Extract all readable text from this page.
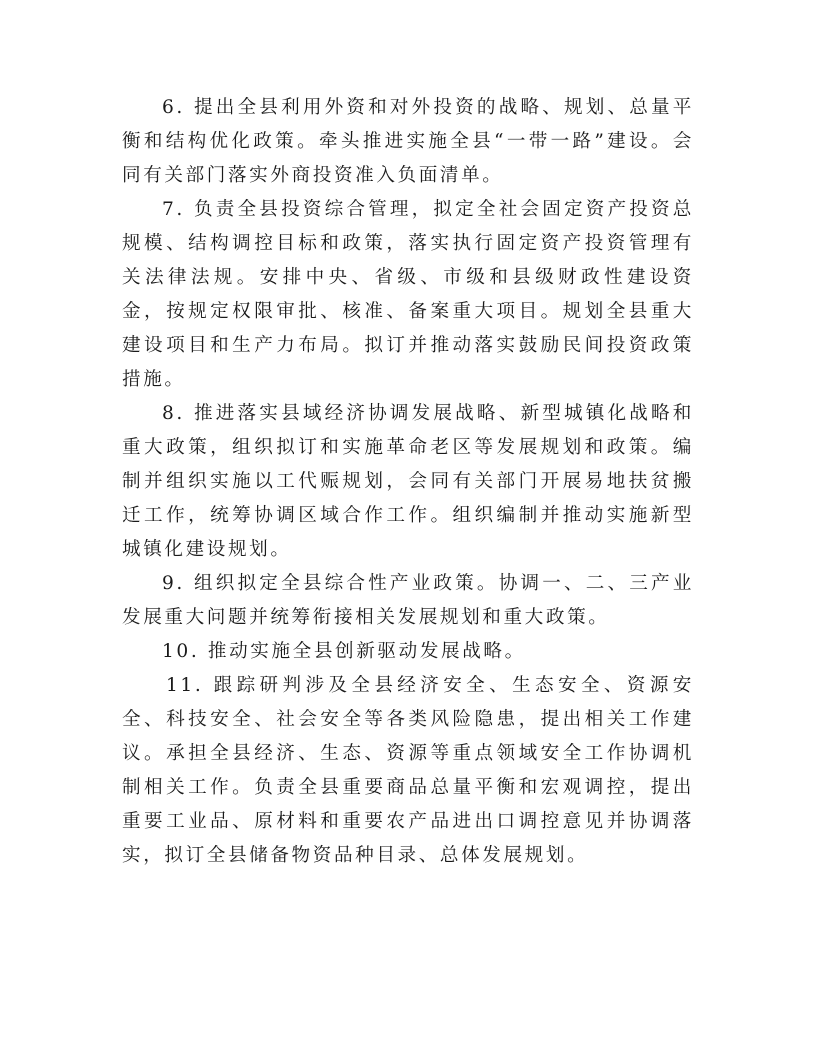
6. 提出全县利用外资和对外投资的战略、规划、总量平衡和结构优化政策。牵头推进实施全县“一带一路”建设。会同有关部门落实外商投资准入负面清单。

7. 负责全县投资综合管理，拟定全社会固定资产投资总规模、结构调控目标和政策，落实执行固定资产投资管理有关法律法规。安排中央、省级、市级和县级财政性建设资金，按规定权限审批、核准、备案重大项目。规划全县重大建设项目和生产力布局。拟订并推动落实鼓励民间投资政策措施。

8. 推进落实县域经济协调发展战略、新型城镇化战略和重大政策，组织拟订和实施革命老区等发展规划和政策。编制并组织实施以工代赈规划，会同有关部门开展易地扶贫搬迁工作，统筹协调区域合作工作。组织编制并推动实施新型城镇化建设规划。

9. 组织拟定全县综合性产业政策。协调一、二、三产业发展重大问题并统筹衔接相关发展规划和重大政策。

10. 推动实施全县创新驱动发展战略。

11. 跟踪研判涉及全县经济安全、生态安全、资源安全、科技安全、社会安全等各类风险隐患，提出相关工作建议。承担全县经济、生态、资源等重点领域安全工作协调机制相关工作。负责全县重要商品总量平衡和宏观调控，提出重要工业品、原材料和重要农产品进出口调控意见并协调落实，拟订全县储备物资品种目录、总体发展规划。
